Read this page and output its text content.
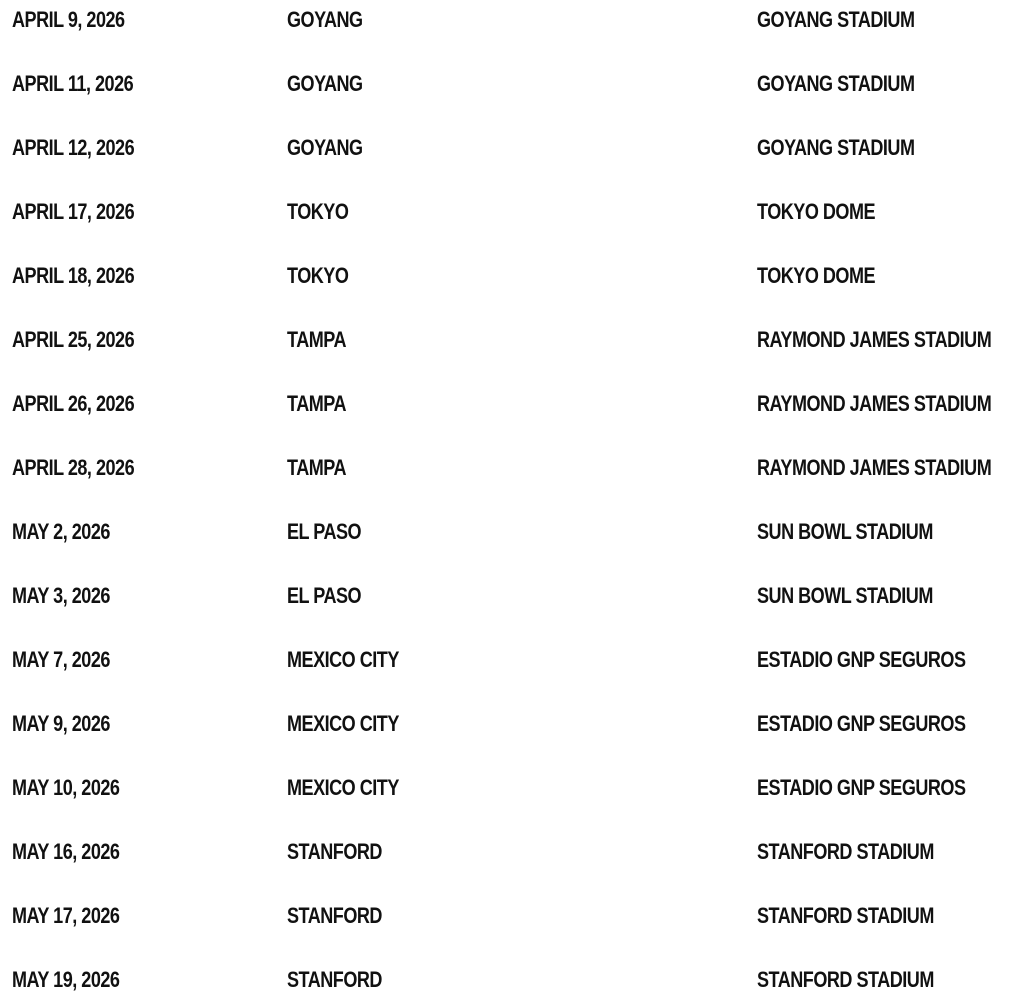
APRIL 9, 2026	GOYANG	GOYANG STADIUM
APRIL 11, 2026	GOYANG	GOYANG STADIUM
APRIL 12, 2026	GOYANG	GOYANG STADIUM
APRIL 17, 2026	TOKYO	TOKYO DOME
APRIL 18, 2026	TOKYO	TOKYO DOME
APRIL 25, 2026	TAMPA	RAYMOND JAMES STADIUM
APRIL 26, 2026	TAMPA	RAYMOND JAMES STADIUM
APRIL 28, 2026	TAMPA	RAYMOND JAMES STADIUM
MAY 2, 2026	EL PASO	SUN BOWL STADIUM
MAY 3, 2026	EL PASO	SUN BOWL STADIUM
MAY 7, 2026	MEXICO CITY	ESTADIO GNP SEGUROS
MAY 9, 2026	MEXICO CITY	ESTADIO GNP SEGUROS
MAY 10, 2026	MEXICO CITY	ESTADIO GNP SEGUROS
MAY 16, 2026	STANFORD	STANFORD STADIUM
MAY 17, 2026	STANFORD	STANFORD STADIUM
MAY 19, 2026	STANFORD	STANFORD STADIUM
